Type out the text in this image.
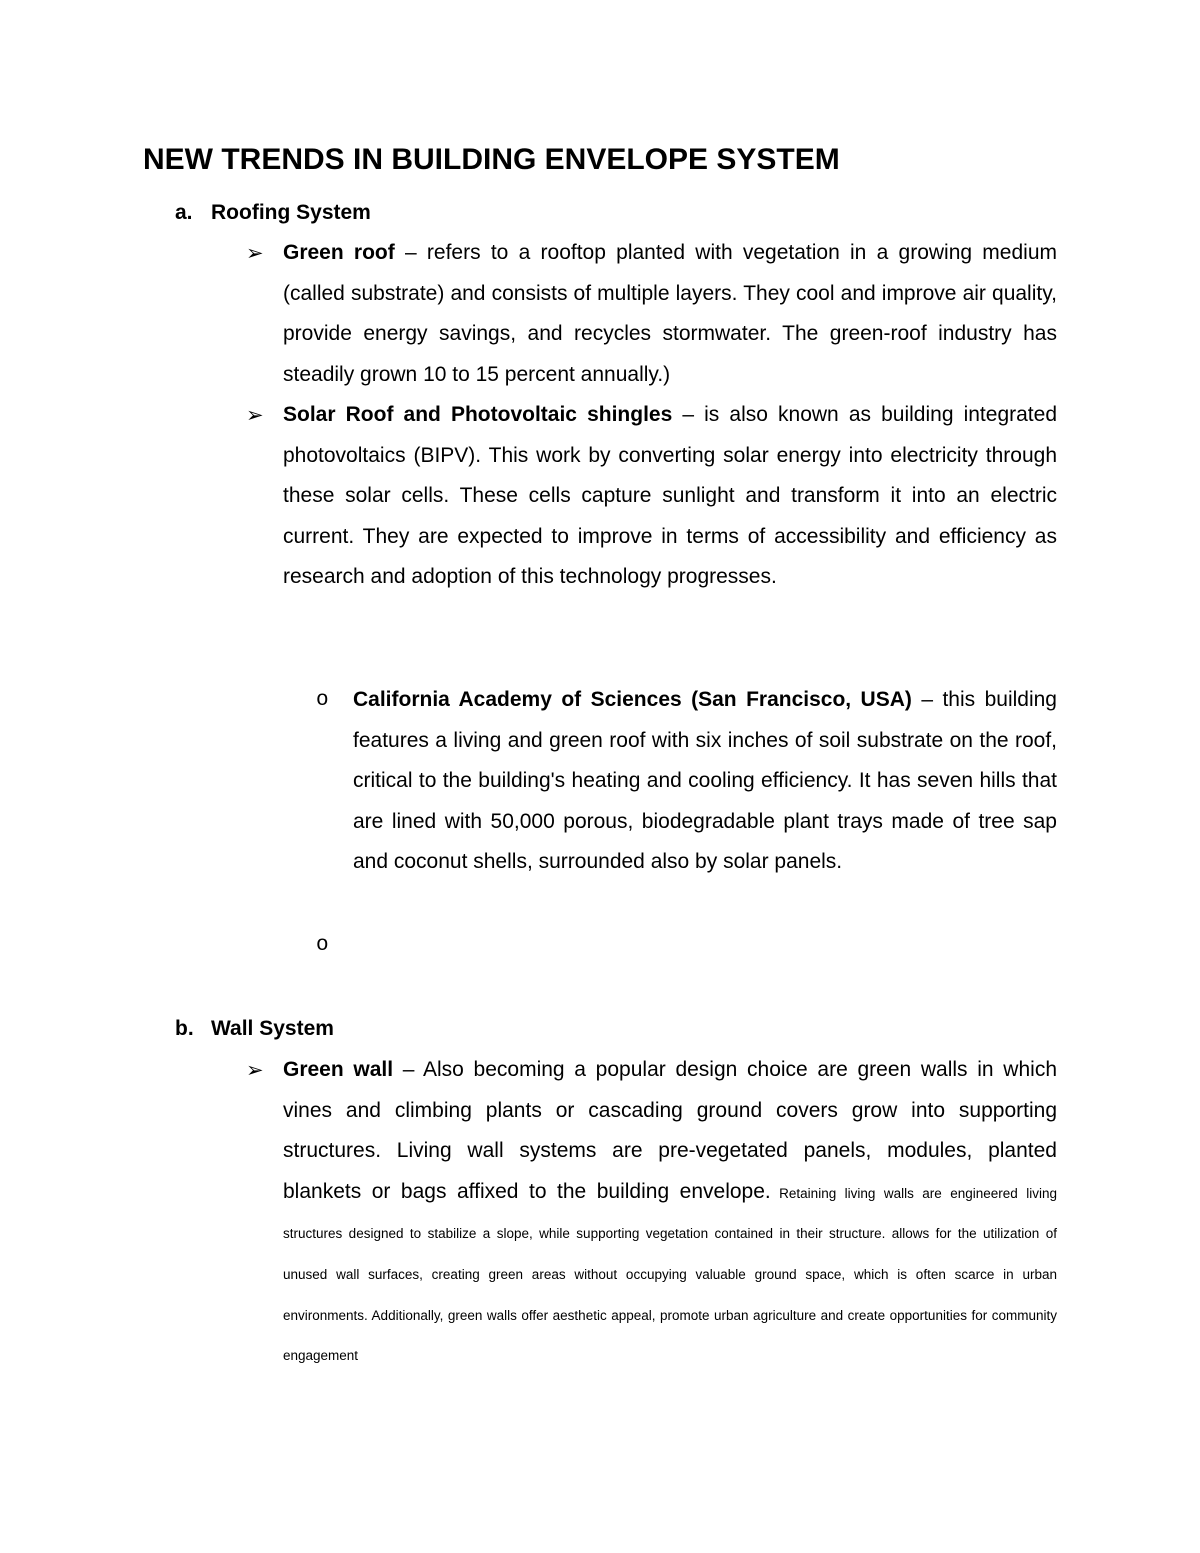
NEW TRENDS IN BUILDING ENVELOPE SYSTEM
a. Roofing System
➢ Green roof – refers to a rooftop planted with vegetation in a growing medium (called substrate) and consists of multiple layers. They cool and improve air quality, provide energy savings, and recycles stormwater. The green-roof industry has steadily grown 10 to 15 percent annually.)

➢ Solar Roof and Photovoltaic shingles – is also known as building integrated photovoltaics (BIPV). This work by converting solar energy into electricity through these solar cells. These cells capture sunlight and transform it into an electric current. They are expected to improve in terms of accessibility and efficiency as research and adoption of this technology progresses.

o California Academy of Sciences (San Francisco, USA) – this building features a living and green roof with six inches of soil substrate on the roof, critical to the building's heating and cooling efficiency. It has seven hills that are lined with 50,000 porous, biodegradable plant trays made of tree sap and coconut shells, surrounded also by solar panels.

o

b. Wall System
➢ Green wall – Also becoming a popular design choice are green walls in which vines and climbing plants or cascading ground covers grow into supporting structures. Living wall systems are pre-vegetated panels, modules, planted blankets or bags affixed to the building envelope. Retaining living walls are engineered living structures designed to stabilize a slope, while supporting vegetation contained in their structure. allows for the utilization of unused wall surfaces, creating green areas without occupying valuable ground space, which is often scarce in urban environments. Additionally, green walls offer aesthetic appeal, promote urban agriculture and create opportunities for community engagement
